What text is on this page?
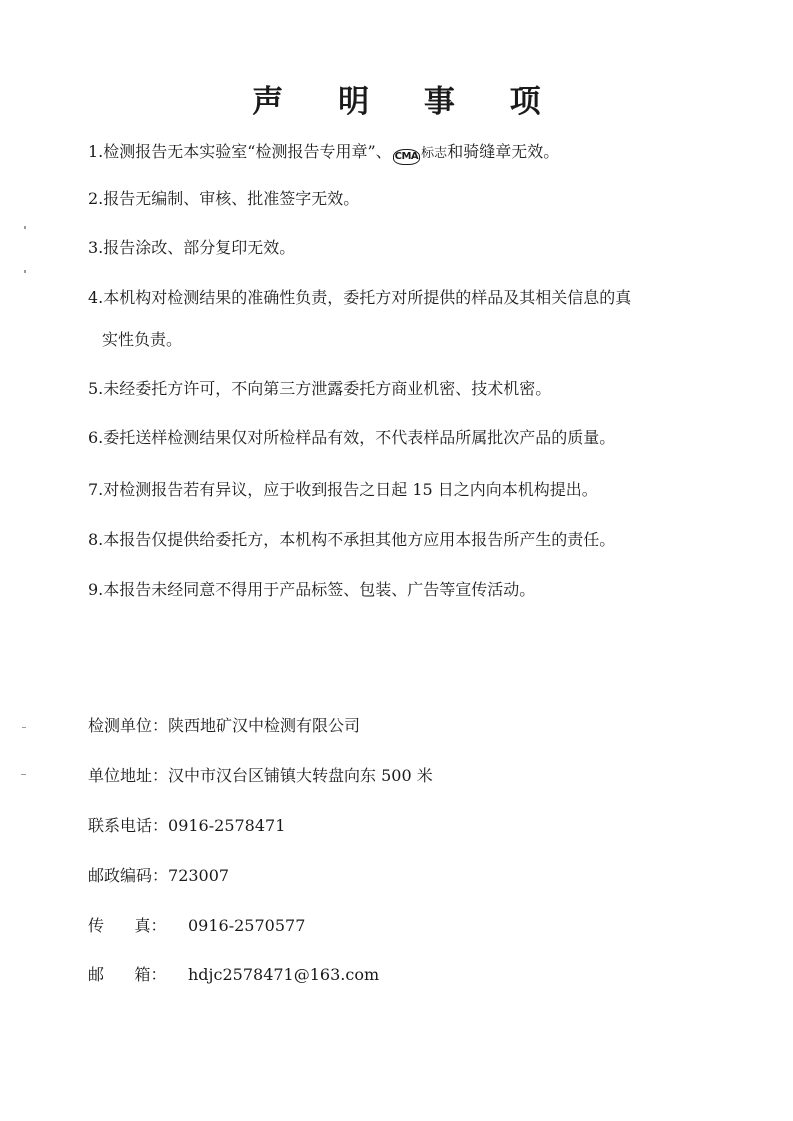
声 明 事 项
1.检测报告无本实验室“检测报告专用章”、 CMA 标志和骑缝章无效。
2.报告无编制、审核、批准签字无效。
3.报告涂改、部分复印无效。
4.本机构对检测结果的准确性负责，委托方对所提供的样品及其相关信息的真
实性负责。
5.未经委托方许可，不向第三方泄露委托方商业机密、技术机密。
6.委托送样检测结果仅对所检样品有效，不代表样品所属批次产品的质量。
7.对检测报告若有异议，应于收到报告之日起 15 日之内向本机构提出。
8.本报告仅提供给委托方，本机构不承担其他方应用本报告所产生的责任。
9.本报告未经同意不得用于产品标签、包装、广告等宣传活动。
检测单位：陕西地矿汉中检测有限公司
单位地址：汉中市汉台区铺镇大转盘向东 500 米
联系电话：0916-2578471
邮政编码：723007
传      真： 0916-2570577
邮      箱： hdjc2578471@163.com
